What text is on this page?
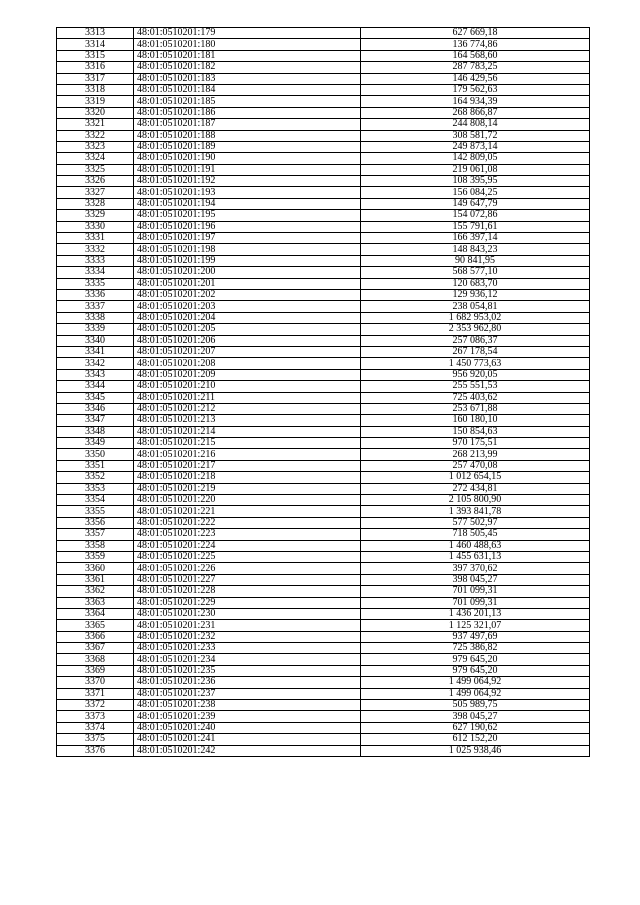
3313	48:01:0510201:179	627 669,18
3314	48:01:0510201:180	136 774,86
3315	48:01:0510201:181	164 568,60
3316	48:01:0510201:182	287 783,25
3317	48:01:0510201:183	146 429,56
3318	48:01:0510201:184	179 562,63
3319	48:01:0510201:185	164 934,39
3320	48:01:0510201:186	268 866,87
3321	48:01:0510201:187	244 808,14
3322	48:01:0510201:188	308 581,72
3323	48:01:0510201:189	249 873,14
3324	48:01:0510201:190	142 809,05
3325	48:01:0510201:191	219 061,08
3326	48:01:0510201:192	108 395,95
3327	48:01:0510201:193	156 084,25
3328	48:01:0510201:194	149 647,79
3329	48:01:0510201:195	154 072,86
3330	48:01:0510201:196	155 791,61
3331	48:01:0510201:197	166 397,14
3332	48:01:0510201:198	148 843,23
3333	48:01:0510201:199	90 841,95
3334	48:01:0510201:200	568 577,10
3335	48:01:0510201:201	120 683,70
3336	48:01:0510201:202	129 936,12
3337	48:01:0510201:203	238 054,81
3338	48:01:0510201:204	1 682 953,02
3339	48:01:0510201:205	2 353 962,80
3340	48:01:0510201:206	257 086,37
3341	48:01:0510201:207	267 178,54
3342	48:01:0510201:208	1 450 773,63
3343	48:01:0510201:209	956 920,05
3344	48:01:0510201:210	255 551,53
3345	48:01:0510201:211	725 403,62
3346	48:01:0510201:212	253 671,88
3347	48:01:0510201:213	160 180,10
3348	48:01:0510201:214	150 854,63
3349	48:01:0510201:215	970 175,51
3350	48:01:0510201:216	268 213,99
3351	48:01:0510201:217	257 470,08
3352	48:01:0510201:218	1 012 654,15
3353	48:01:0510201:219	272 434,81
3354	48:01:0510201:220	2 105 800,90
3355	48:01:0510201:221	1 393 841,78
3356	48:01:0510201:222	577 502,97
3357	48:01:0510201:223	718 505,45
3358	48:01:0510201:224	1 460 488,63
3359	48:01:0510201:225	1 455 631,13
3360	48:01:0510201:226	397 370,62
3361	48:01:0510201:227	398 045,27
3362	48:01:0510201:228	701 099,31
3363	48:01:0510201:229	701 099,31
3364	48:01:0510201:230	1 436 201,13
3365	48:01:0510201:231	1 125 321,07
3366	48:01:0510201:232	937 497,69
3367	48:01:0510201:233	725 386,82
3368	48:01:0510201:234	979 645,20
3369	48:01:0510201:235	979 645,20
3370	48:01:0510201:236	1 499 064,92
3371	48:01:0510201:237	1 499 064,92
3372	48:01:0510201:238	505 989,75
3373	48:01:0510201:239	398 045,27
3374	48:01:0510201:240	627 190,62
3375	48:01:0510201:241	612 152,20
3376	48:01:0510201:242	1 025 938,46
